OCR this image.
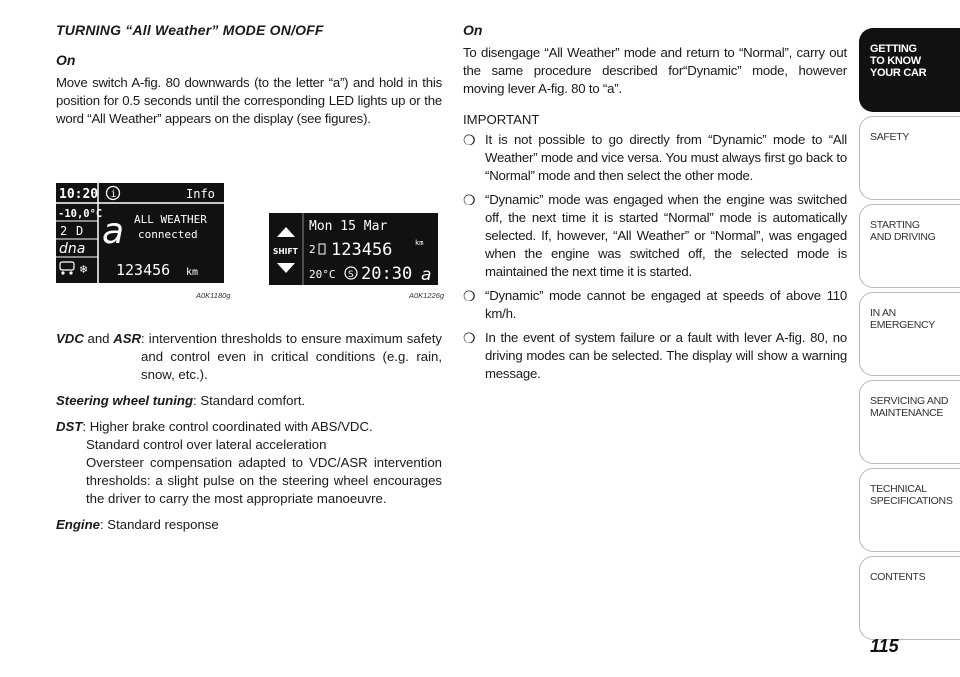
TURNING “All Weather” MODE ON/OFF
On

Move switch A-fig. 80 downwards (to the letter “a”) and hold in this position for 0.5 seconds until the corresponding LED lights up or the word “All Weather” appears on the display (see figures).

10:20 i	Info
-10,0°C
2 D
dna
❄
a ALL WEATHER
connected
123456 km
SHIFT
Mon 15 Mar
2 123456	km
20°C S 20:30 a
A0K1180g	A0K1226g
VDC and ASR : intervention thresholds to ensure maximum safety and control even in critical conditions (e.g. rain, snow, etc.).
Steering wheel tuning: Standard comfort.
DST: Higher brake control coordinated with ABS/VDC.
Standard control over lateral acceleration
Oversteer compensation adapted to VDC/ASR intervention thresholds: a slight pulse on the steering wheel encourages the driver to carry the most appropriate manoeuvre.
Engine: Standard response
On

To disengage “All Weather” mode and return to “Normal”, carry out the same procedure described for“Dynamic” mode, however moving lever A-fig. 80 to “a”.

IMPORTANT
❍ It is not possible to go directly from “Dynamic” mode to “All Weather” mode and vice versa. You must always first go back to “Normal” mode and then select the other mode.
❍ “Dynamic” mode was engaged when the engine was switched off, the next time it is started “Normal” mode is automatically selected. If, however, “All Weather” or “Normal”, was engaged when the engine was switched off, the selected mode is maintained the next time it is started.
❍ “Dynamic” mode cannot be engaged at speeds of above 110 km/h.
❍ In the event of system failure or a fault with lever A-fig. 80, no driving modes can be selected. The display will show a warning message.
GETTING
TO KNOW
YOUR CAR
SAFETY
STARTING
AND DRIVING
IN AN
EMERGENCY
SERVICING AND
MAINTENANCE
TECHNICAL
SPECIFICATIONS
CONTENTS
115
